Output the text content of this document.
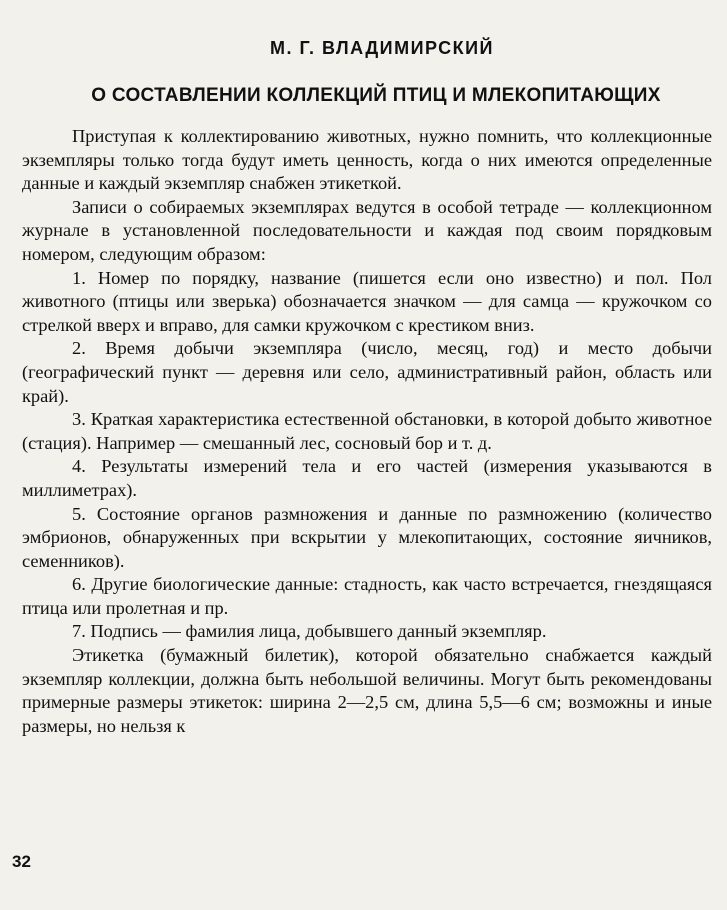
М. Г. ВЛАДИМИРСКИЙ
О СОСТАВЛЕНИИ КОЛЛЕКЦИЙ ПТИЦ И МЛЕКОПИТАЮЩИХ

Приступая к коллектированию животных, нужно помнить, что коллекционные экземпляры только тогда будут иметь ценность, когда о них имеются определенные данные и каждый экземпляр снабжен этикеткой.

Записи о собираемых экземплярах ведутся в особой тетраде — коллекционном журнале в установленной последовательности и каждая под своим порядковым номером, следующим образом:

1. Номер по порядку, название (пишется если оно известно) и пол. Пол животного (птицы или зверька) обозначается значком — для самца — кружочком со стрелкой вверх и вправо, для самки кружочком с крестиком вниз.

2. Время добычи экземпляра (число, месяц, год) и место добычи (географический пункт — деревня или село, административный район, область или край).

3. Краткая характеристика естественной обстановки, в которой добыто животное (стация). Например — смешанный лес, сосновый бор и т. д.

4. Результаты измерений тела и его частей (измерения указываются в миллиметрах).

5. Состояние органов размножения и данные по размножению (количество эмбрионов, обнаруженных при вскрытии у млекопитающих, состояние яичников, семенников).

6. Другие биологические данные: стадность, как часто встречается, гнездящаяся птица или пролетная и пр.

7. Подпись — фамилия лица, добывшего данный экземпляр.

Этикетка (бумажный билетик), которой обязательно снабжается каждый экземпляр коллекции, должна быть небольшой величины. Могут быть рекомендованы примерные размеры этикеток: ширина 2—2,5 см, длина 5,5—6 см; возможны и иные размеры, но нельзя к

32
